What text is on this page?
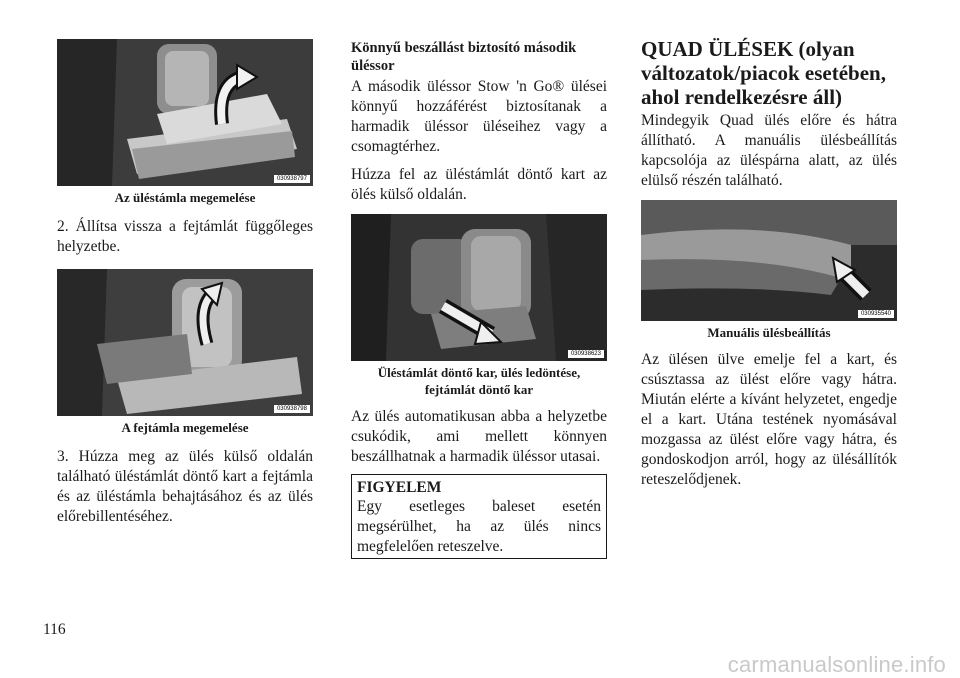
030938797
Az üléstámla megemelése

2. Állítsa vissza a fejtámlát függőleges helyzetbe.

030938798
A fejtámla megemelése

3. Húzza meg az ülés külső oldalán található üléstámlát döntő kart a fejtámla és az üléstámla behajtásához és az ülés előrebillentéséhez.

Könnyű beszállást biztosító második üléssor

A második üléssor Stow 'n Go® ülései könnyű hozzáférést biztosítanak a harmadik üléssor üléseihez vagy a csomagtérhez.

Húzza fel az üléstámlát döntő kart az ölés külső oldalán.

030938623
Üléstámlát döntő kar, ülés ledöntése, fejtámlát döntő kar

Az ülés automatikusan abba a helyzetbe csukódik, ami mellett könnyen beszállhatnak a harmadik üléssor utasai.

FIGYELEM

Egy esetleges baleset esetén megsérülhet, ha az ülés nincs megfelelően reteszelve.

QUAD ÜLÉSEK (olyan változatok/piacok esetében, ahol rendelkezésre áll)

Mindegyik Quad ülés előre és hátra állítható. A manuális ülésbeállítás kapcsolója az üléspárna alatt, az ülés elülső részén található.

030935540
Manuális ülésbeállítás

Az ülésen ülve emelje fel a kart, és csúsztassa az ülést előre vagy hátra. Miután elérte a kívánt helyzetet, engedje el a kart. Utána testének nyomásával mozgassa az ülést előre vagy hátra, és gondoskodjon arról, hogy az ülésállítók reteszelődjenek.

116
carmanualsonline.info
